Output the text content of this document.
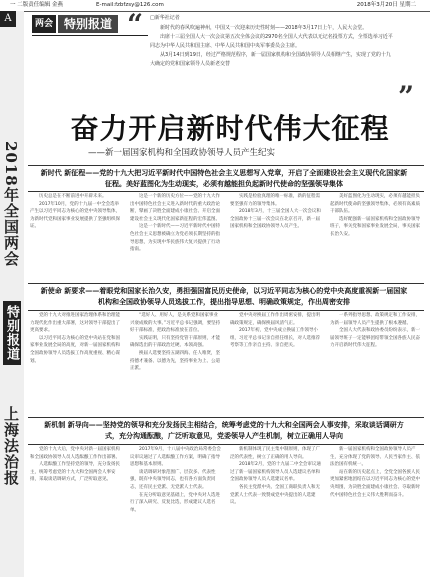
一 二版责任编辑 金燕	E-mail:fzbfzsy@126.com	2018年3月20日 星期二
A
2018年全国两会
特别报道
上海法治报
两会 特别报道 “ □新华社记者

新时代的春风吹遍神州，中国又一次迎来历史性时刻——2018年3月17日上午，人民大会堂。

出席十三届全国人大一次会议第五次全体会议的2970名全国人大代表以无记名投票方式，全票选举习近平同志为中华人民共和国主席、中华人民共和国中央军事委员会主席。

从3月14日到19日，经过严格规范程序，新一届国家机构和全国政协领导人员相继产生，实现了党的十九大确定的党和国家领导人员新老交替

”
奋力开启新时代伟大征程
——新一届国家机构和全国政协领导人员产生纪实
新时代 新征程——党的十九大把习近平新时代中国特色社会主义思想写入党章，开启了全面建设社会主义现代化国家新征程。美好蓝图化为生动现实，必须有越能担负起新时代使命的坚强领导集体

历史总是在不断前进中开辟未来。

2017年10月，党的十九届一中全会选举产生以习近平同志为核心的党中央领导集体，为新时代党和国家事业发展提供了坚强组织保证。

这是一个新的历史方位——党的十九大作出中国特色社会主义进入新时代的重大政治论断，擘画了决胜全面建成小康社会、开启全面建设社会主义现代化国家新征程的宏伟蓝图。

这是一个新时代——习近平新时代中国特色社会主义思想被确立为党必须长期坚持的指导思想，为实现中华民族伟大复兴提供了行动指南。

实践是检验真理的唯一标准，新的征程需要坚强有力的领导集体。

2018年3月，十三届全国人大一次会议和全国政协十三届一次会议在北京召开，新一届国家机构和全国政协领导人员产生。

美好蓝图化为生动现实，必须有越能担负起新时代使命的坚强领导集体，必须有高素质干部队伍。

选好配强新一届国家机构和全国政协领导班子，事关党和国家事业发展全局，事关国家长治久安。

新使命 新要求——着眼党和国家长治久安，勇担强国富民历史使命，以习近平同志为核心的党中央高度重视新一届国家机构和全国政协领导人员选拔工作，提出指导思想、明确政策规定，作出周密安排

党的十九大对推进国家治理体系和治理能力现代化作出重大部署，这对领导干部提出了更高要求。

以习近平同志为核心的党中央站在党和国家事业发展全局的高度，对新一届国家机构和全国政协领导人员选拔工作高度重视、精心谋划。

“选好人、用好人，是关系党和国家事业兴衰成败的大事。”习近平总书记强调，要坚持好干部标准，把政治标准放在首位。

实践证明，只有坚持党管干部原则，才能确保选出的干部政治过硬、本领高强。

换届人选要坚持五湖四海、任人唯贤，坚持德才兼备、以德为先，坚持事业为上、公道正派。

党中央对换届工作作出周密安排，提出明确政策规定，确保换届风清气正。

2017年初，党中央成立换届工作领导小组，习近平总书记亲自担任组长，对人选推荐考察等工作亲自主持、亲自把关。

一系列指导思想、政策规定和工作安排，为新一届领导人员产生提供了根本遵循。

全国人大代表和政协委员纷纷表示，新一届领导班子一定能够团结带领全国各族人民奋力开启新时代伟大征程。

新机制 新导向——坚持党的领导和充分发扬民主相结合，统筹考虑党的十九大和全国两会人事安排，采取谈话调研方式，充分沟通酝酿，广泛听取意见，党委领导人产生机制，树立正确用人导向

党的十九大后，党中央对新一届国家机构和全国政协领导人员人选酝酿工作作出部署。

人选酝酿工作坚持党的领导，充分发扬民主，统筹考虑党的十九大和全国两会人事安排，采取谈话调研方式，广泛听取意见。

2017年9月，十八届中央政治局常委会会议审议通过了人选酝酿工作方案，明确了指导思想和基本原则。

谈话调研对象范围广、层次多、代表性强，既有中央领导同志，也有各方面负责同志，还有民主党派、无党派人士代表。

在充分听取意见基础上，党中央对人选进行了深入研究、反复比选，形成建议人选名单。

新机制体现了民主集中制原则，体现了广泛的代表性，树立了正确的用人导向。

2018年2月，党的十九届二中全会审议通过了新一届国家机构领导人员人选建议名单和全国政协领导人员人选建议名单。

各民主党派中央、全国工商联负责人和无党派人士代表一致赞成党中央提出的人选建议。

新一届国家机构和全国政协领导人员产生，充分体现了党的领导、人民当家作主、依法治国有机统一。

站在新的历史起点上，全党全国各族人民更加紧密地团结在以习近平同志为核心的党中央周围，为决胜全面建成小康社会、夺取新时代中国特色社会主义伟大胜利而奋斗。
